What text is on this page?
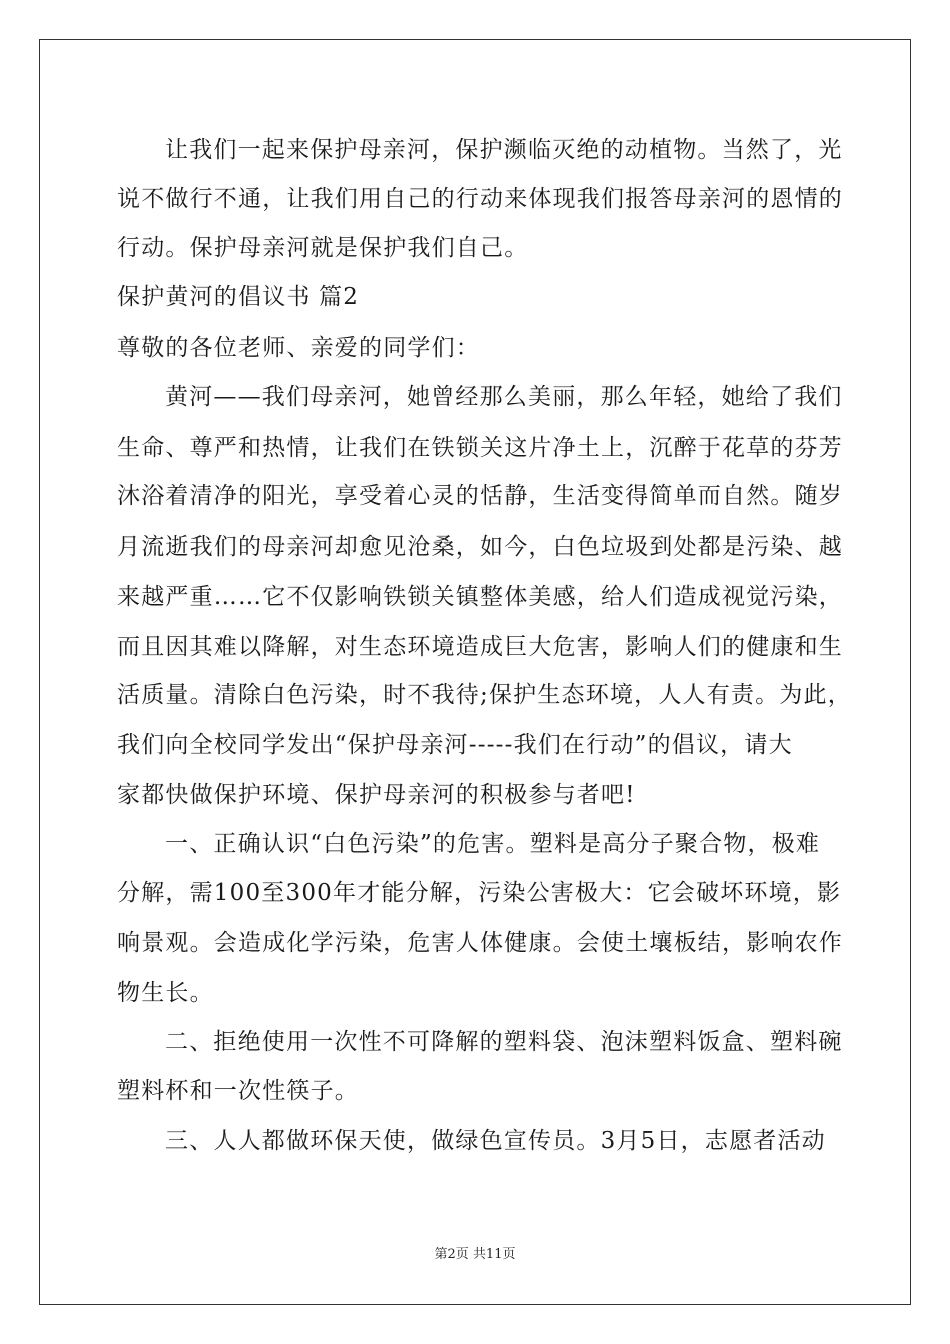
让我们一起来保护母亲河，保护濒临灭绝的动植物。当然了，光
说不做行不通，让我们用自己的行动来体现我们报答母亲河的恩情的
行动。保护母亲河就是保护我们自己。
保护黄河的倡议书 篇2
尊敬的各位老师、亲爱的同学们：
黄河——我们母亲河，她曾经那么美丽，那么年轻，她给了我们
生命、尊严和热情，让我们在铁锁关这片净土上，沉醉于花草的芬芳
沐浴着清净的阳光，享受着心灵的恬静，生活变得简单而自然。随岁
月流逝我们的母亲河却愈见沧桑，如今，白色垃圾到处都是污染、越
来越严重……它不仅影响铁锁关镇整体美感，给人们造成视觉污染，
而且因其难以降解，对生态环境造成巨大危害，影响人们的健康和生
活质量。清除白色污染，时不我待;保护生态环境，人人有责。为此，
我们向全校同学发出“保护母亲河-----我们在行动”的倡议，请大
家都快做保护环境、保护母亲河的积极参与者吧!
一、正确认识“白色污染”的危害。塑料是高分子聚合物，极难
分解，需100至300年才能分解，污染公害极大：它会破坏环境，影
响景观。会造成化学污染，危害人体健康。会使土壤板结，影响农作
物生长。
二、拒绝使用一次性不可降解的塑料袋、泡沫塑料饭盒、塑料碗
塑料杯和一次性筷子。
三、人人都做环保天使，做绿色宣传员。3月5日，志愿者活动
第2页 共11页
